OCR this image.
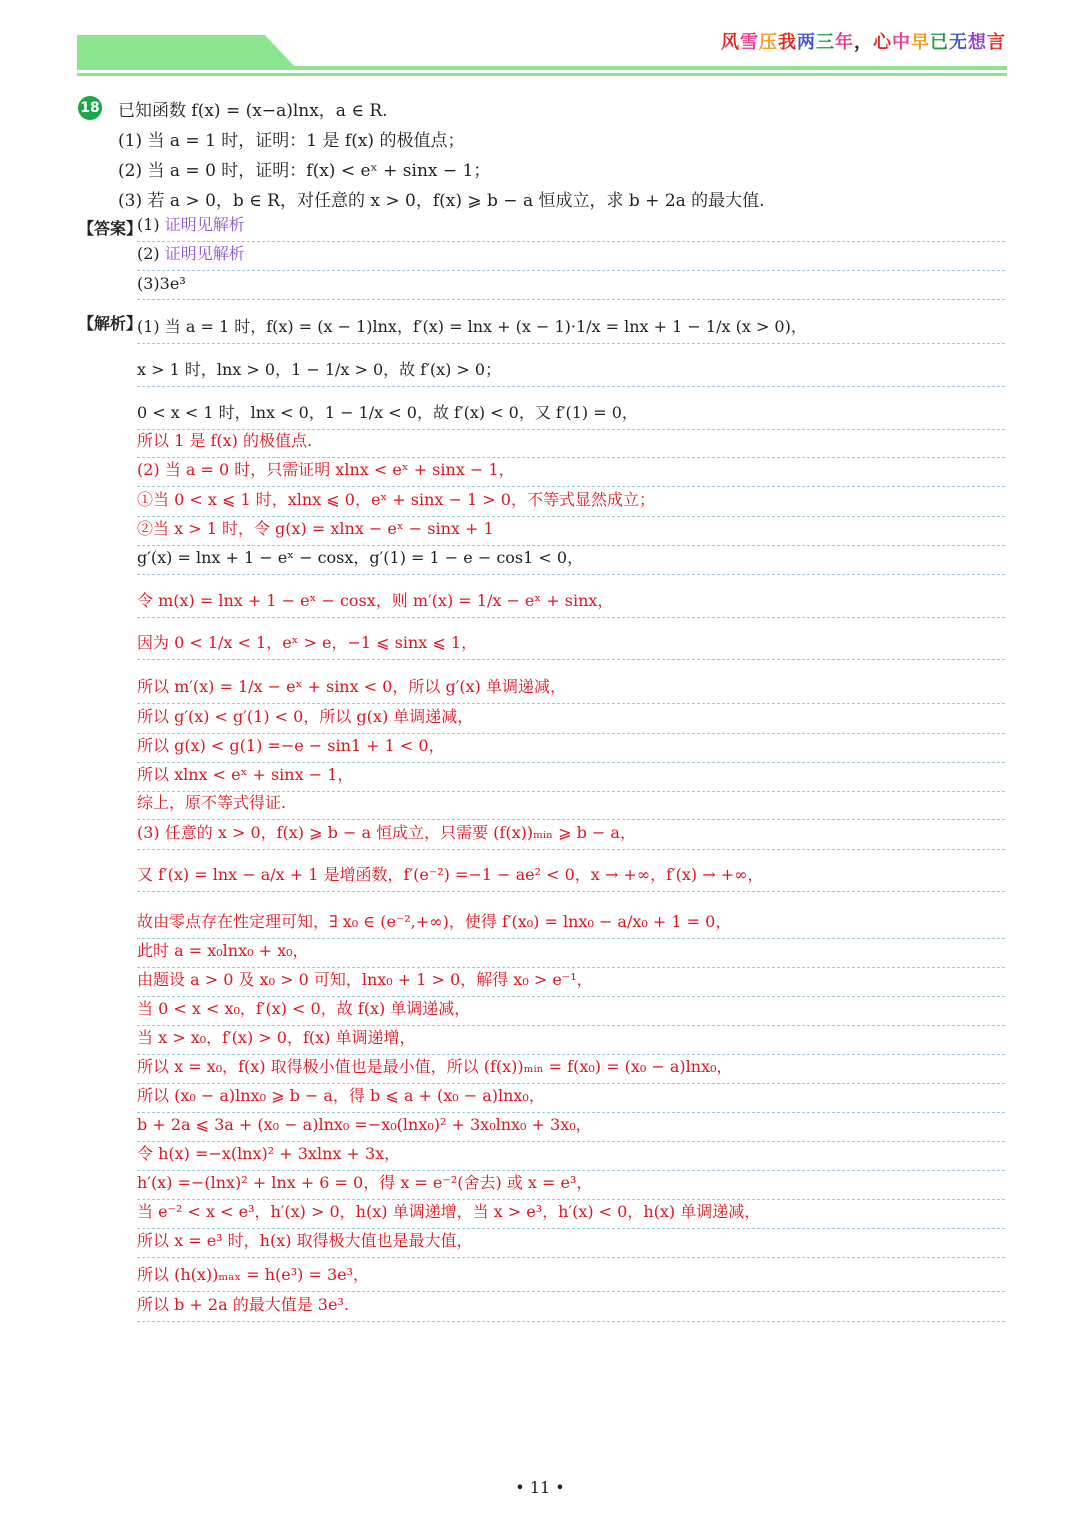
风雪压我两三年，心中早已无想言
18 已知函数 f(x) = (x−a)lnx，a ∈ R.
(1) 当 a = 1 时，证明：1 是 f(x) 的极值点；
(2) 当 a = 0 时，证明：f(x) < eˣ + sinx − 1；
(3) 若 a > 0，b ∈ R，对任意的 x > 0，f(x) ⩾ b − a 恒成立，求 b + 2a 的最大值.
【答案】
(1) 证明见解析
(2) 证明见解析
(3)3e³
【解析】
(1) 当 a = 1 时，f(x) = (x − 1)lnx，f′(x) = lnx + (x − 1)·1/x = lnx + 1 − 1/x (x > 0)，
x > 1 时，lnx > 0，1 − 1/x > 0，故 f′(x) > 0；
0 < x < 1 时，lnx < 0，1 − 1/x < 0，故 f′(x) < 0，又 f′(1) = 0，
所以 1 是 f(x) 的极值点.
(2) 当 a = 0 时，只需证明 xlnx < eˣ + sinx − 1，
①当 0 < x ⩽ 1 时，xlnx ⩽ 0，eˣ + sinx − 1 > 0，不等式显然成立；
②当 x > 1 时，令 g(x) = xlnx − eˣ − sinx + 1
g′(x) = lnx + 1 − eˣ − cosx，g′(1) = 1 − e − cos1 < 0，
令 m(x) = lnx + 1 − eˣ − cosx，则 m′(x) = 1/x − eˣ + sinx，
因为 0 < 1/x < 1，eˣ > e，−1 ⩽ sinx ⩽ 1，
所以 m′(x) = 1/x − eˣ + sinx < 0，所以 g′(x) 单调递减，
所以 g′(x) < g′(1) < 0，所以 g(x) 单调递减，
所以 g(x) < g(1) =−e − sin1 + 1 < 0，
所以 xlnx < eˣ + sinx − 1，
综上，原不等式得证.
(3) 任意的 x > 0，f(x) ⩾ b − a 恒成立，只需要 (f(x))ₘᵢₙ ⩾ b − a，
又 f′(x) = lnx − a/x + 1 是增函数，f′(e⁻²) =−1 − ae² < 0，x → +∞，f′(x) → +∞，
故由零点存在性定理可知，∃ x₀ ∈ (e⁻²,+∞)，使得 f′(x₀) = lnx₀ − a/x₀ + 1 = 0，
此时 a = x₀lnx₀ + x₀，
由题设 a > 0 及 x₀ > 0 可知，lnx₀ + 1 > 0，解得 x₀ > e⁻¹，
当 0 < x < x₀，f′(x) < 0，故 f(x) 单调递减，
当 x > x₀，f′(x) > 0，f(x) 单调递增，
所以 x = x₀，f(x) 取得极小值也是最小值，所以 (f(x))ₘᵢₙ = f(x₀) = (x₀ − a)lnx₀，
所以 (x₀ − a)lnx₀ ⩾ b − a，得 b ⩽ a + (x₀ − a)lnx₀，
b + 2a ⩽ 3a + (x₀ − a)lnx₀ =−x₀(lnx₀)² + 3x₀lnx₀ + 3x₀，
令 h(x) =−x(lnx)² + 3xlnx + 3x，
h′(x) =−(lnx)² + lnx + 6 = 0，得 x = e⁻²(舍去) 或 x = e³，
当 e⁻² < x < e³，h′(x) > 0，h(x) 单调递增，当 x > e³，h′(x) < 0，h(x) 单调递减，
所以 x = e³ 时，h(x) 取得极大值也是最大值，
所以 (h(x))ₘₐₓ = h(e³) = 3e³，
所以 b + 2a 的最大值是 3e³.
• 11 •
